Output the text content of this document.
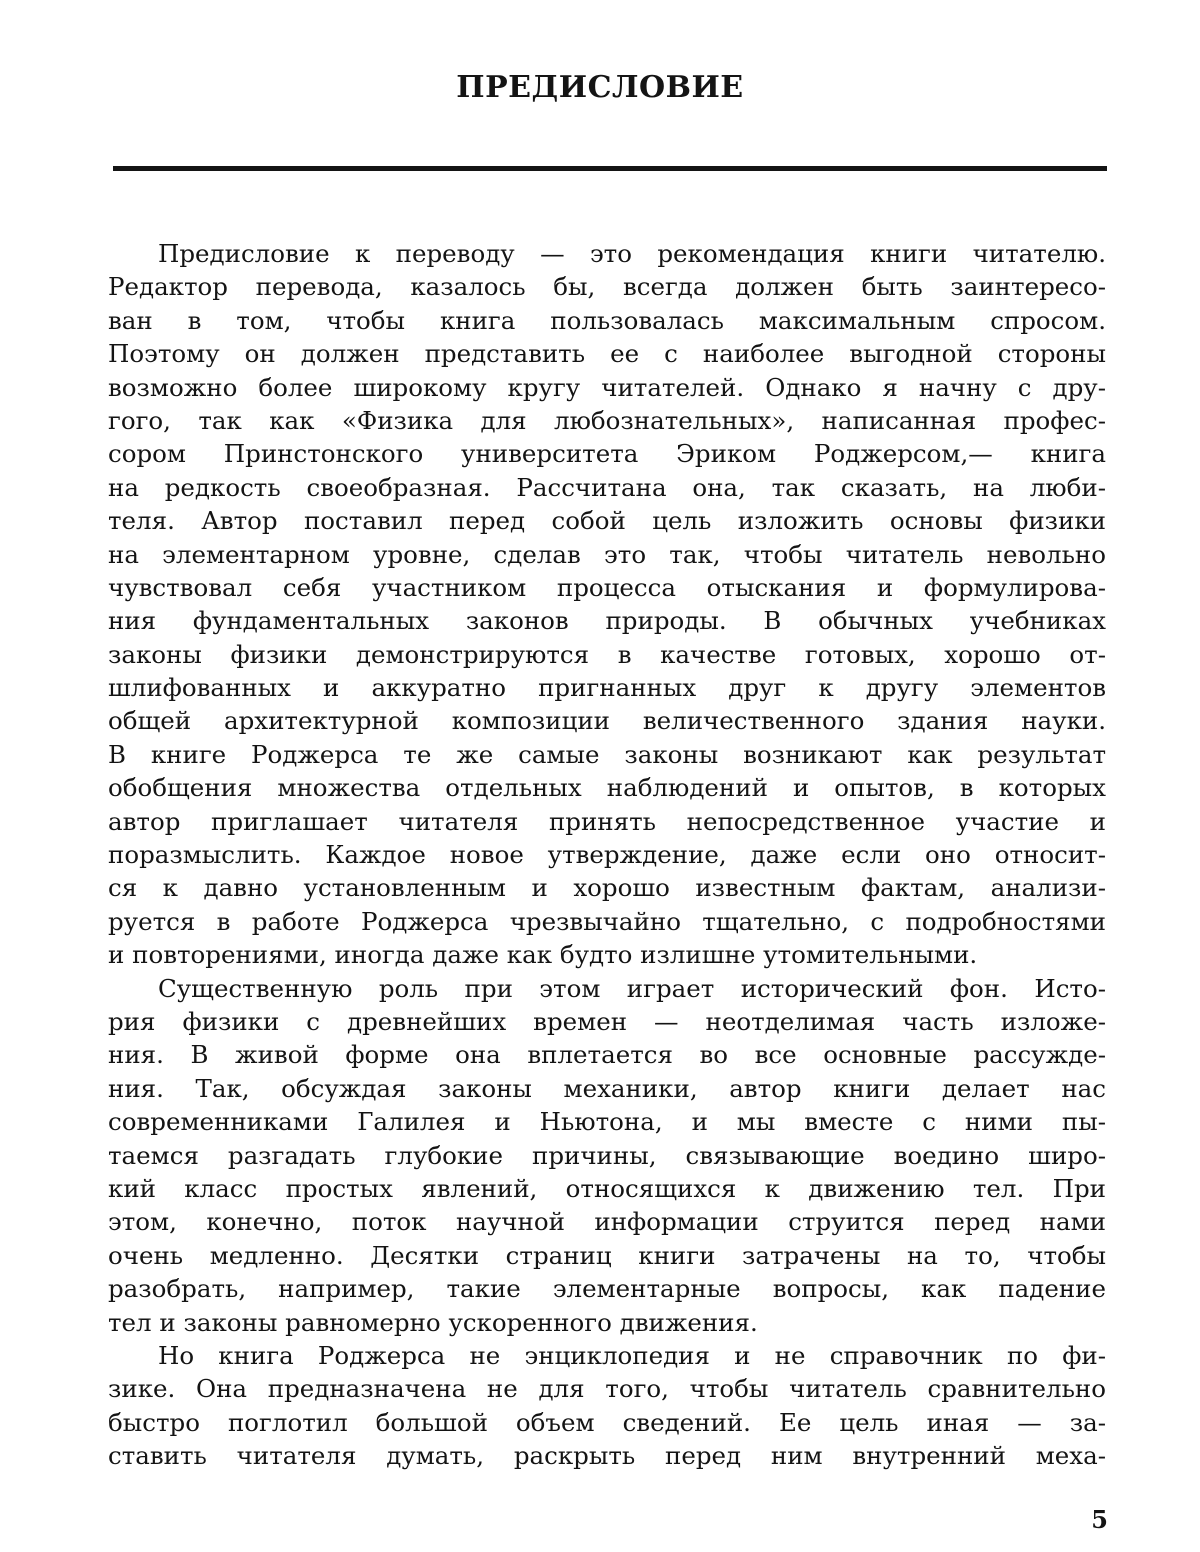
ПРЕДИСЛОВИЕ
Предисловие к переводу — это рекомендация книги читателю.
Редактор перевода, казалось бы, всегда должен быть заинтересо-
ван в том, чтобы книга пользовалась максимальным спросом.
Поэтому он должен представить ее с наиболее выгодной стороны
возможно более широкому кругу читателей. Однако я начну с дру-
гого, так как «Физика для любознательных», написанная профес-
сором Принстонского университета Эриком Роджерсом,— книга
на редкость своеобразная. Рассчитана она, так сказать, на люби-
теля. Автор поставил перед собой цель изложить основы физики
на элементарном уровне, сделав это так, чтобы читатель невольно
чувствовал себя участником процесса отыскания и формулирова-
ния фундаментальных законов природы. В обычных учебниках
законы физики демонстрируются в качестве готовых, хорошо от-
шлифованных и аккуратно пригнанных друг к другу элементов
общей архитектурной композиции величественного здания науки.
В книге Роджерса те же самые законы возникают как результат
обобщения множества отдельных наблюдений и опытов, в которых
автор приглашает читателя принять непосредственное участие и
поразмыслить. Каждое новое утверждение, даже если оно относит-
ся к давно установленным и хорошо известным фактам, анализи-
руется в работе Роджерса чрезвычайно тщательно, с подробностями
и повторениями, иногда даже как будто излишне утомительными.
Существенную роль при этом играет исторический фон. Исто-
рия физики с древнейших времен — неотделимая часть изложе-
ния. В живой форме она вплетается во все основные рассужде-
ния. Так, обсуждая законы механики, автор книги делает нас
современниками Галилея и Ньютона, и мы вместе с ними пы-
таемся разгадать глубокие причины, связывающие воедино широ-
кий класс простых явлений, относящихся к движению тел. При
этом, конечно, поток научной информации струится перед нами
очень медленно. Десятки страниц книги затрачены на то, чтобы
разобрать, например, такие элементарные вопросы, как падение
тел и законы равномерно ускоренного движения.
Но книга Роджерса не энциклопедия и не справочник по фи-
зике. Она предназначена не для того, чтобы читатель сравнительно
быстро поглотил большой объем сведений. Ее цель иная — за-
ставить читателя думать, раскрыть перед ним внутренний меха-
5
